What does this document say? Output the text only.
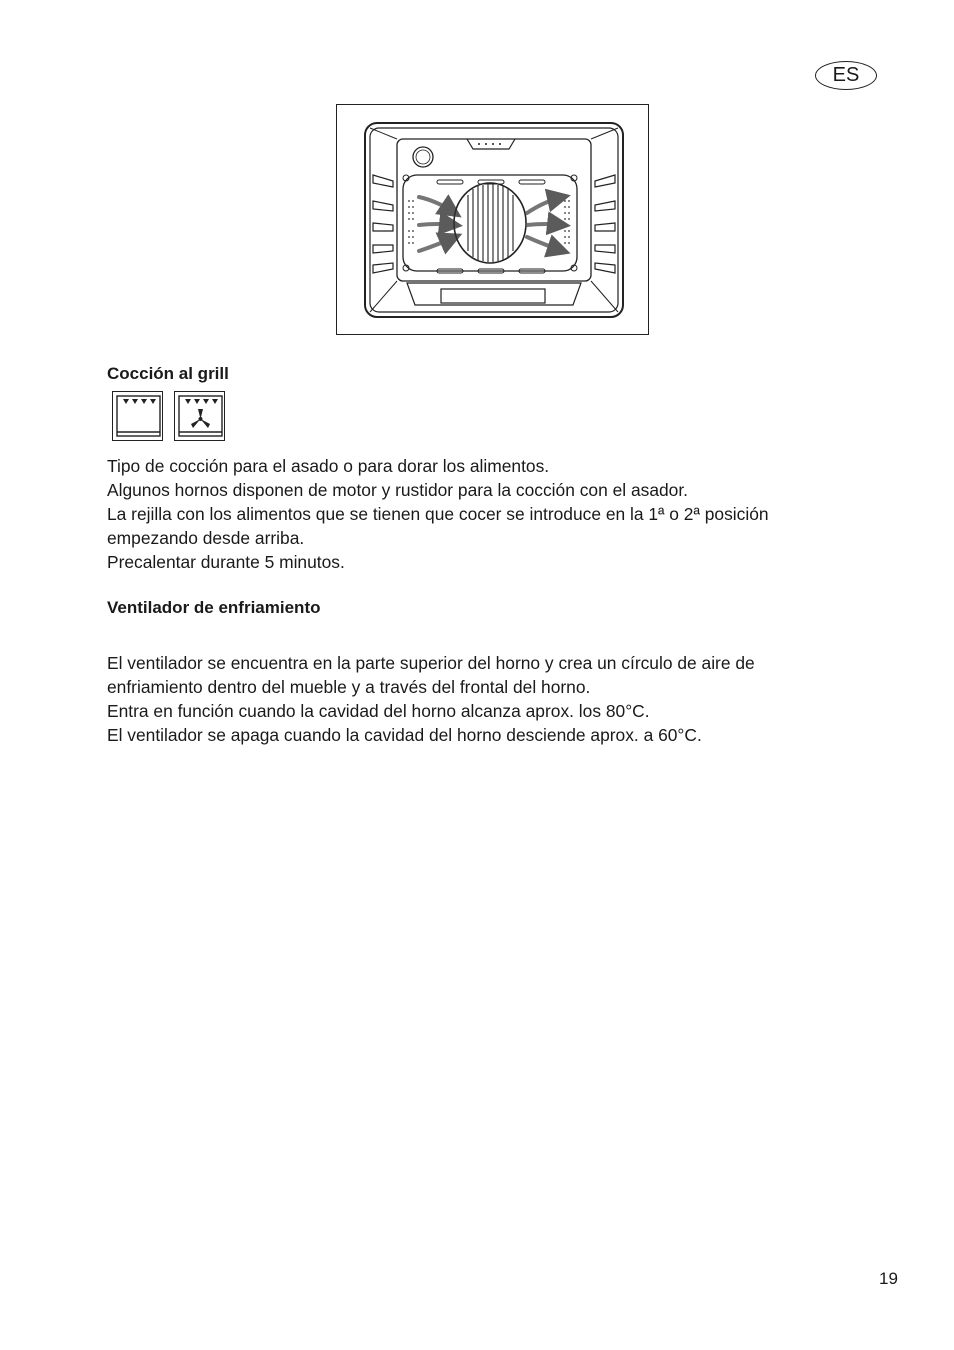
ES
Cocción al grill
Tipo de cocción para el asado o para dorar los alimentos.
Algunos hornos disponen de motor y rustidor para la cocción con el asador.
La rejilla con los alimentos que se tienen que cocer se introduce en la 1ª o 2ª posición
empezando desde arriba.
Precalentar durante 5 minutos.
Ventilador de enfriamiento
El ventilador se encuentra en la parte superior del horno y crea un círculo de aire de
enfriamiento dentro del mueble y a través del frontal del horno.
Entra en función cuando la cavidad del horno alcanza aprox. los 80°C.
El ventilador se apaga cuando la cavidad del horno desciende aprox. a 60°C.
19
